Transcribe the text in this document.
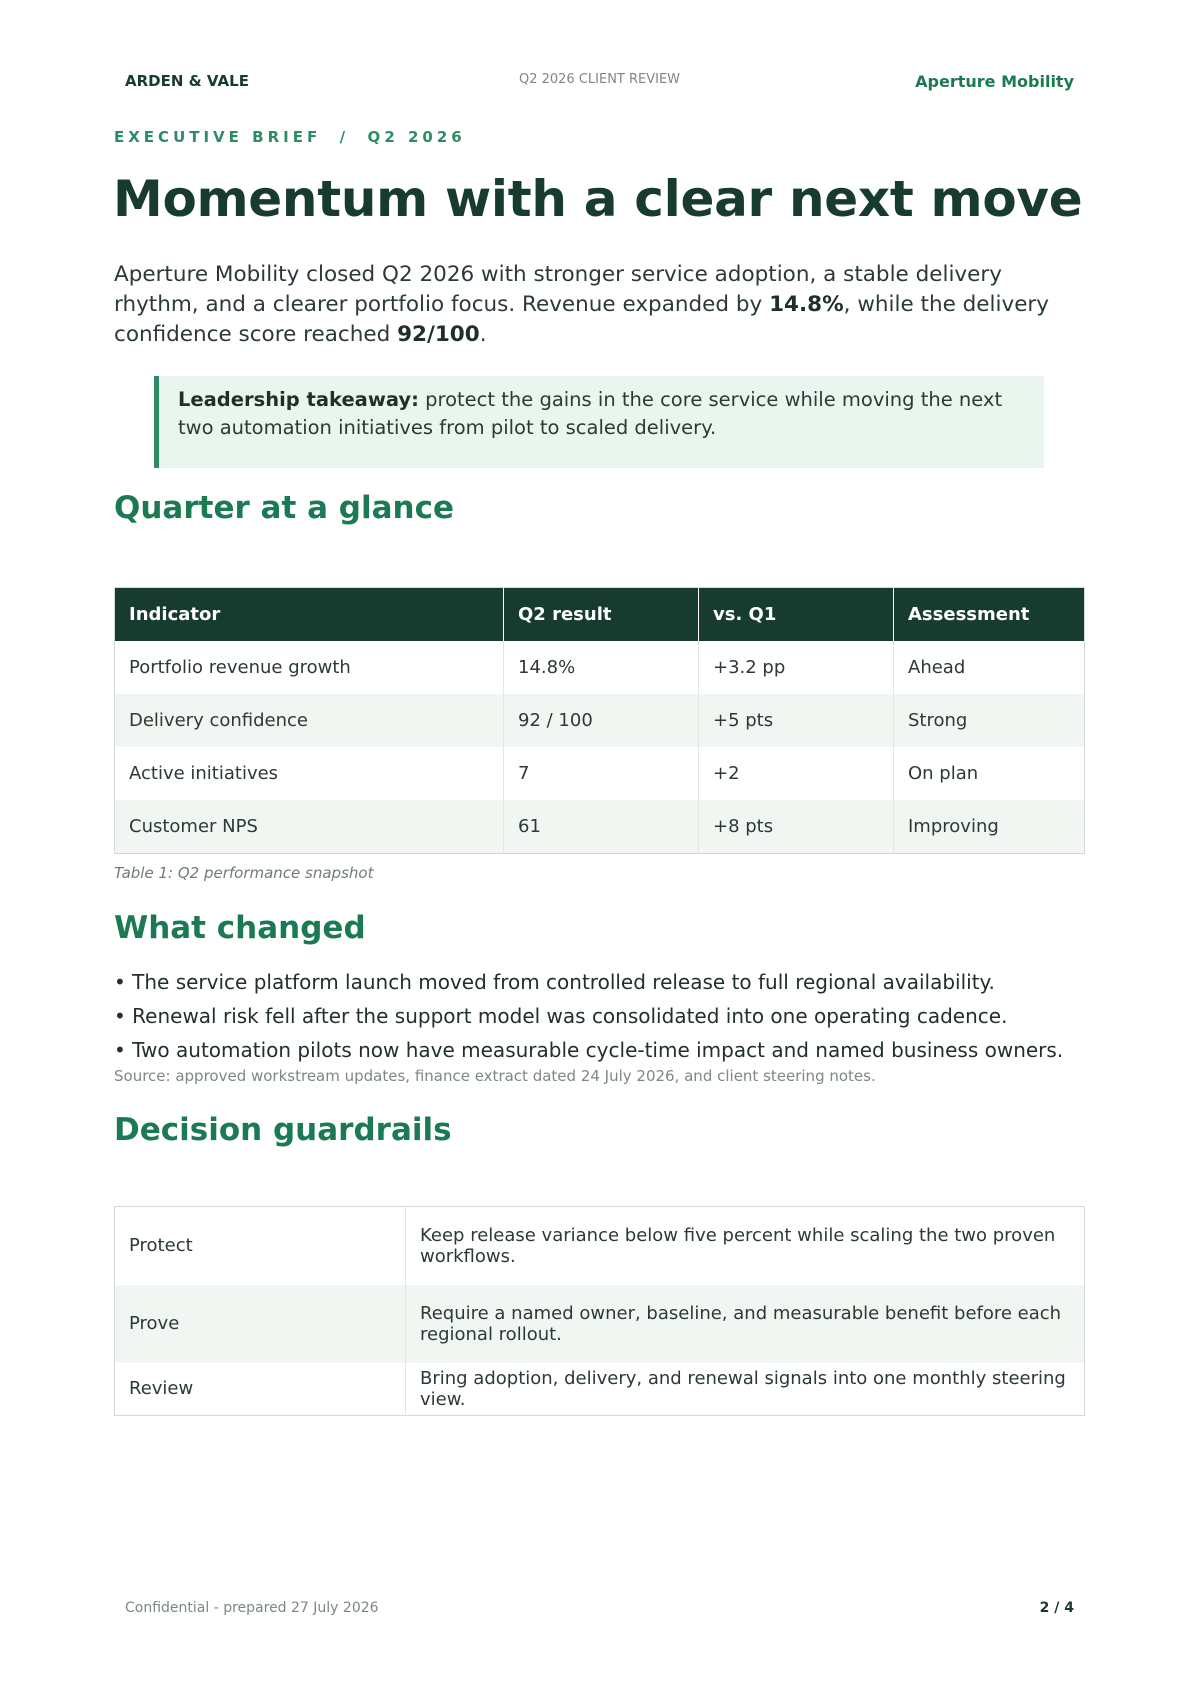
ARDEN & VALE	Q2 2026 CLIENT REVIEW	Aperture Mobility
EXECUTIVE BRIEF  /  Q2 2026
Momentum with a clear next move

Aperture Mobility closed Q2 2026 with stronger service adoption, a stable delivery rhythm, and a clearer portfolio focus. Revenue expanded by 14.8%, while the delivery confidence score reached 92/100.

Leadership takeaway: protect the gains in the core service while moving the next two automation initiatives from pilot to scaled delivery.
Quarter at a glance
Indicator	Q2 result	vs. Q1	Assessment
Portfolio revenue growth	14.8%	+3.2 pp	Ahead
Delivery confidence	92 / 100	+5 pts	Strong
Active initiatives	7	+2	On plan
Customer NPS	61	+8 pts	Improving
Table 1: Q2 performance snapshot
What changed
• The service platform launch moved from controlled release to full regional availability.
• Renewal risk fell after the support model was consolidated into one operating cadence.
• Two automation pilots now have measurable cycle-time impact and named business owners.
Source: approved workstream updates, finance extract dated 24 July 2026, and client steering notes.
Decision guardrails
Protect	Keep release variance below five percent while scaling the two proven workflows.
Prove	Require a named owner, baseline, and measurable benefit before each regional rollout.
Review	Bring adoption, delivery, and renewal signals into one monthly steering view.
Confidential - prepared 27 July 2026	2 / 4
